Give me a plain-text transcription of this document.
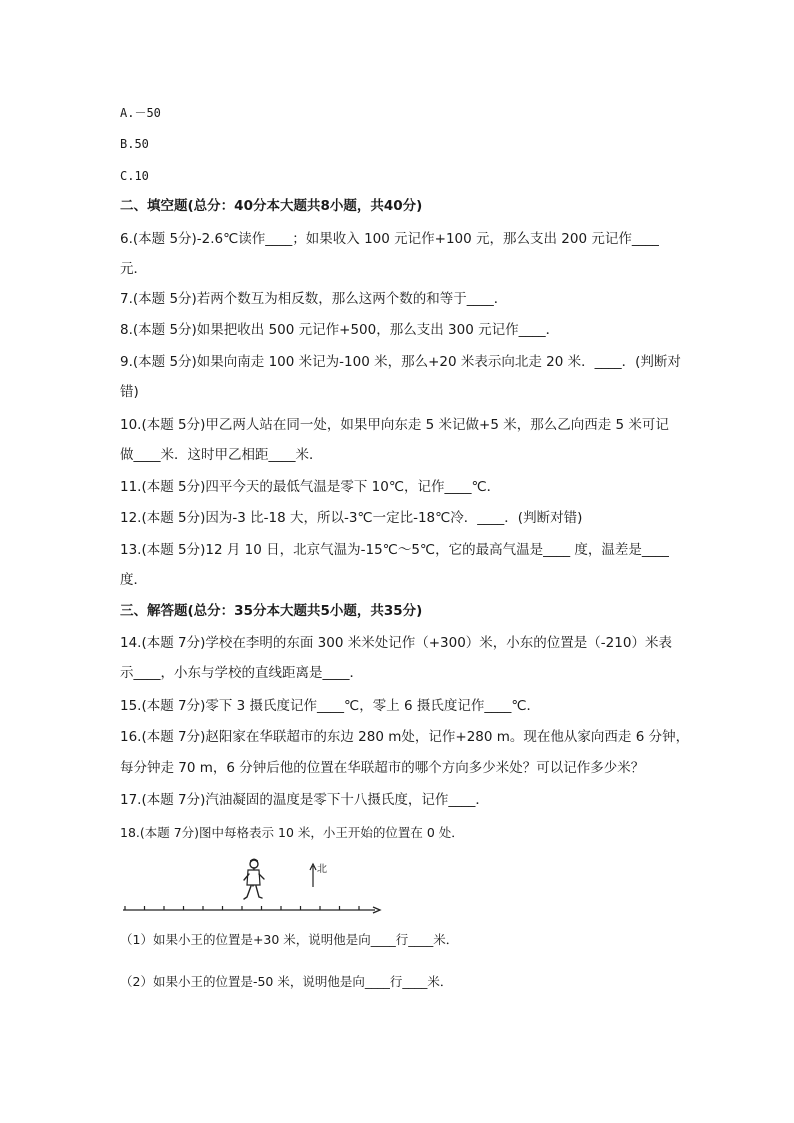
A.－50
B.50
C.10
二、填空题(总分：40分本大题共8小题，共40分)
6.(本题 5分)-2.6℃读作____；如果收入 100 元记作+100 元，那么支出 200 元记作____
元．
7.(本题 5分)若两个数互为相反数，那么这两个数的和等于____．
8.(本题 5分)如果把收出 500 元记作+500，那么支出 300 元记作____．
9.(本题 5分)如果向南走 100 米记为-100 米，那么+20 米表示向北走 20 米．____．(判断对
错)
10.(本题 5分)甲乙两人站在同一处，如果甲向东走 5 米记做+5 米，那么乙向西走 5 米可记
做____米．这时甲乙相距____米．
11.(本题 5分)四平今天的最低气温是零下 10℃，记作____℃．
12.(本题 5分)因为-3 比-18 大，所以-3℃一定比-18℃冷．____．(判断对错)
13.(本题 5分)12 月 10 日，北京气温为-15℃～5℃，它的最高气温是____ 度，温差是____
度．
三、解答题(总分：35分本大题共5小题，共35分)
14.(本题 7分)学校在李明的东面 300 米米处记作（+300）米，小东的位置是（-210）米表
示____，小东与学校的直线距离是____．
15.(本题 7分)零下 3 摄氏度记作____℃，零上 6 摄氏度记作____℃．
16.(本题 7分)赵阳家在华联超市的东边 280 m处，记作+280 m。现在他从家向西走 6 分钟，
每分钟走 70 m，6 分钟后他的位置在华联超市的哪个方向多少米处？可以记作多少米？
17.(本题 7分)汽油凝固的温度是零下十八摄氏度，记作____．
18.(本题 7分)图中每格表示 10 米，小王开始的位置在 0 处．
北
（1）如果小王的位置是+30 米，说明他是向____行____米．
（2）如果小王的位置是-50 米，说明他是向____行____米．
